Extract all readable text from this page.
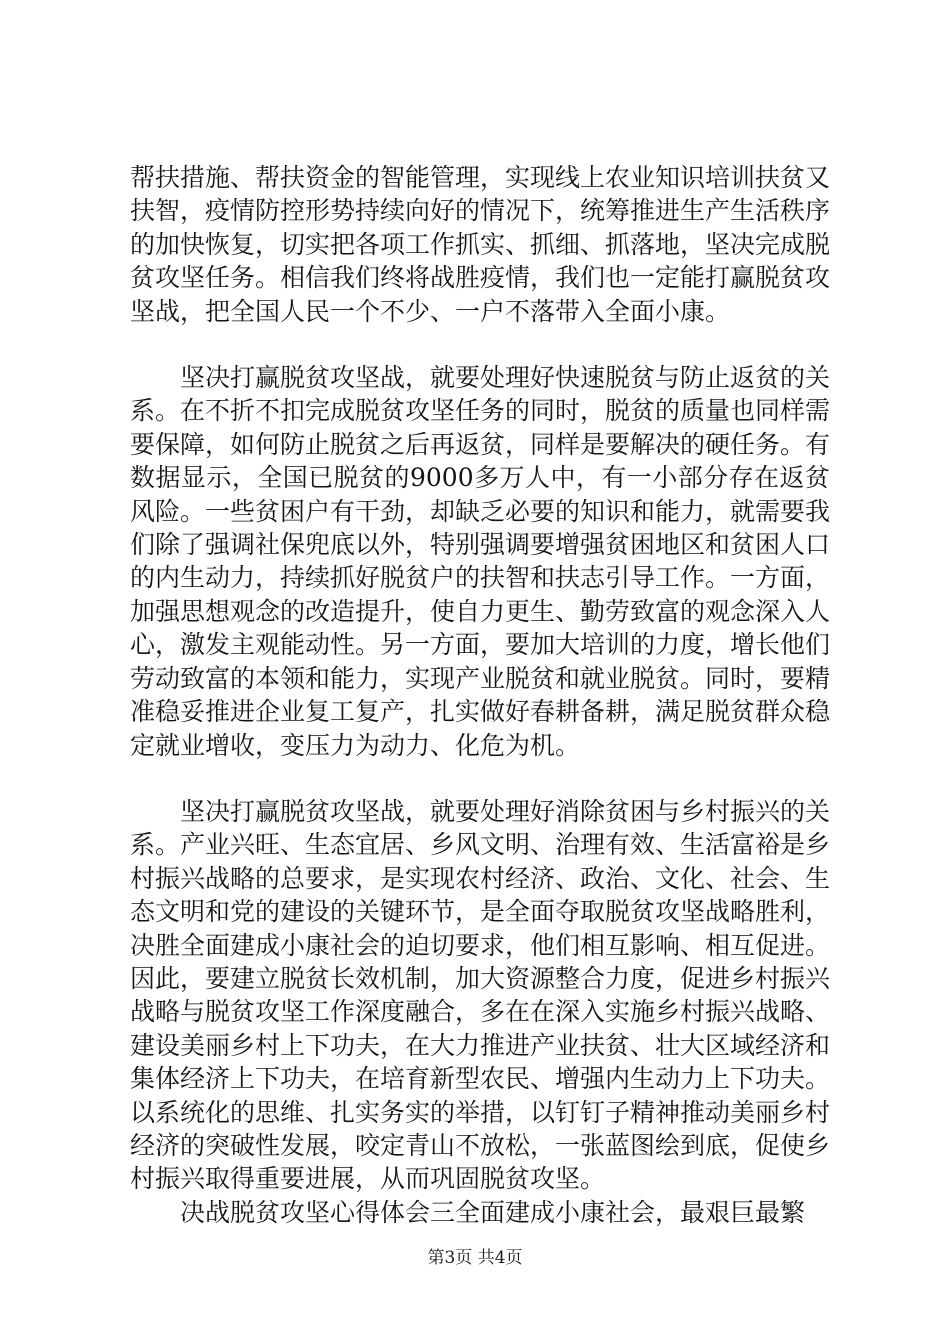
帮扶措施、帮扶资金的智能管理，实现线上农业知识培训扶贫又扶智，疫情防控形势持续向好的情况下，统筹推进生产生活秩序的加快恢复，切实把各项工作抓实、抓细、抓落地，坚决完成脱贫攻坚任务。相信我们终将战胜疫情，我们也一定能打赢脱贫攻坚战，把全国人民一个不少、一户不落带入全面小康。

坚决打赢脱贫攻坚战，就要处理好快速脱贫与防止返贫的关系。在不折不扣完成脱贫攻坚任务的同时，脱贫的质量也同样需要保障，如何防止脱贫之后再返贫，同样是要解决的硬任务。有数据显示，全国已脱贫的9000多万人中，有一小部分存在返贫风险。一些贫困户有干劲，却缺乏必要的知识和能力，就需要我们除了强调社保兜底以外，特别强调要增强贫困地区和贫困人口的内生动力，持续抓好脱贫户的扶智和扶志引导工作。一方面，加强思想观念的改造提升，使自力更生、勤劳致富的观念深入人心，激发主观能动性。另一方面，要加大培训的力度，增长他们劳动致富的本领和能力，实现产业脱贫和就业脱贫。同时，要精准稳妥推进企业复工复产，扎实做好春耕备耕，满足脱贫群众稳定就业增收，变压力为动力、化危为机。

坚决打赢脱贫攻坚战，就要处理好消除贫困与乡村振兴的关系。产业兴旺、生态宜居、乡风文明、治理有效、生活富裕是乡村振兴战略的总要求，是实现农村经济、政治、文化、社会、生态文明和党的建设的关键环节，是全面夺取脱贫攻坚战略胜利，决胜全面建成小康社会的迫切要求，他们相互影响、相互促进。因此，要建立脱贫长效机制，加大资源整合力度，促进乡村振兴战略与脱贫攻坚工作深度融合，多在在深入实施乡村振兴战略、建设美丽乡村上下功夫，在大力推进产业扶贫、壮大区域经济和集体经济上下功夫，在培育新型农民、增强内生动力上下功夫。以系统化的思维、扎实务实的举措，以钉钉子精神推动美丽乡村经济的突破性发展，咬定青山不放松，一张蓝图绘到底，促使乡村振兴取得重要进展，从而巩固脱贫攻坚。

决战脱贫攻坚心得体会三全面建成小康社会，最艰巨最繁

第3页 共4页
